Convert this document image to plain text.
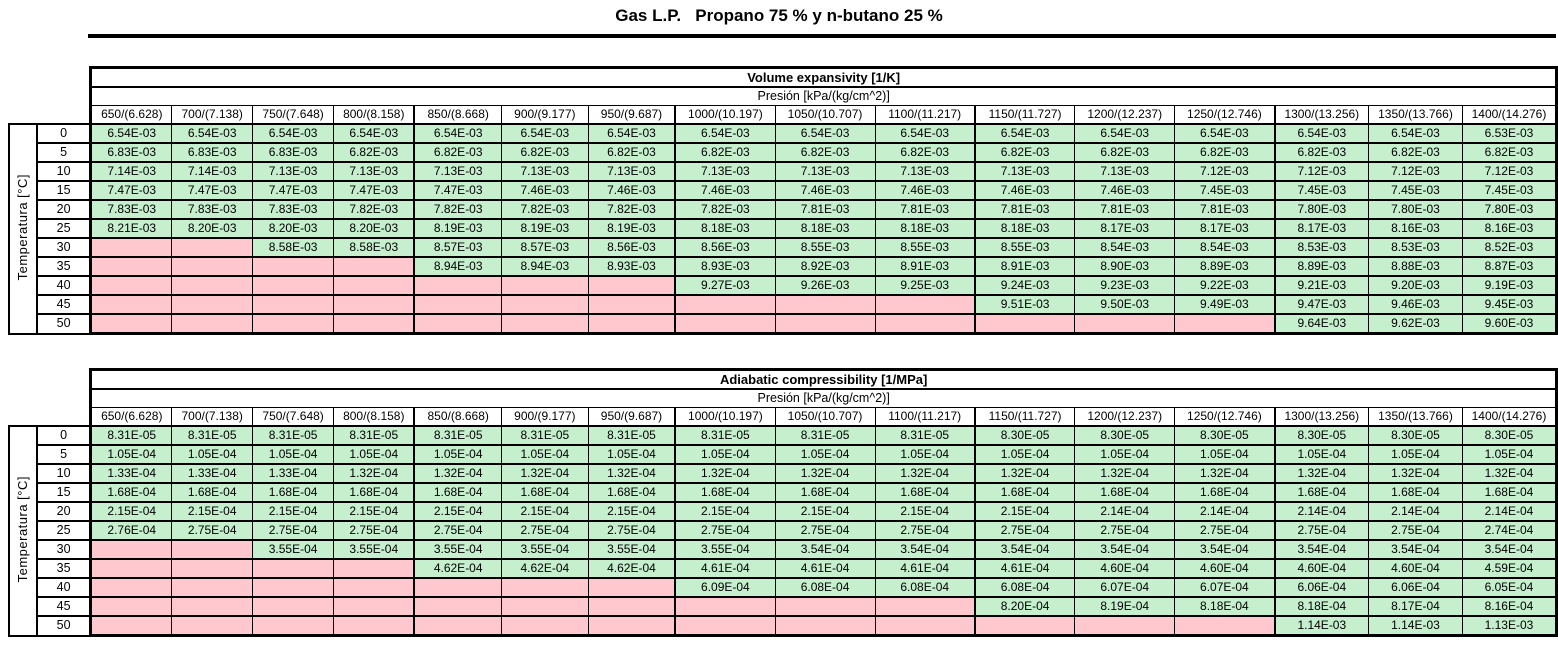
Gas L.P.   Propano 75 % y n-butano 25 %
		Volume expansivity [1/K]															
		Presión [kPa/(kg/cm^2)]															
		650/(6.628)	700/(7.138)	750/(7.648)	800/(8.158)	850/(8.668)	900/(9.177)	950/(9.687)	1000/(10.197)	1050/(10.707)	1100/(11.217)	1150/(11.727)	1200/(12.237)	1250/(12.746)	1300/(13.256)	1350/(13.766)	1400/(14.276)
Temperatura [°C]	0	6.54E-03	6.54E-03	6.54E-03	6.54E-03	6.54E-03	6.54E-03	6.54E-03	6.54E-03	6.54E-03	6.54E-03	6.54E-03	6.54E-03	6.54E-03	6.54E-03	6.54E-03	6.53E-03
	5	6.83E-03	6.83E-03	6.83E-03	6.82E-03	6.82E-03	6.82E-03	6.82E-03	6.82E-03	6.82E-03	6.82E-03	6.82E-03	6.82E-03	6.82E-03	6.82E-03	6.82E-03	6.82E-03
	10	7.14E-03	7.14E-03	7.13E-03	7.13E-03	7.13E-03	7.13E-03	7.13E-03	7.13E-03	7.13E-03	7.13E-03	7.13E-03	7.13E-03	7.12E-03	7.12E-03	7.12E-03	7.12E-03
	15	7.47E-03	7.47E-03	7.47E-03	7.47E-03	7.47E-03	7.46E-03	7.46E-03	7.46E-03	7.46E-03	7.46E-03	7.46E-03	7.46E-03	7.45E-03	7.45E-03	7.45E-03	7.45E-03
	20	7.83E-03	7.83E-03	7.83E-03	7.82E-03	7.82E-03	7.82E-03	7.82E-03	7.82E-03	7.81E-03	7.81E-03	7.81E-03	7.81E-03	7.81E-03	7.80E-03	7.80E-03	7.80E-03
	25	8.21E-03	8.20E-03	8.20E-03	8.20E-03	8.19E-03	8.19E-03	8.19E-03	8.18E-03	8.18E-03	8.18E-03	8.18E-03	8.17E-03	8.17E-03	8.17E-03	8.16E-03	8.16E-03
	30			8.58E-03	8.58E-03	8.57E-03	8.57E-03	8.56E-03	8.56E-03	8.55E-03	8.55E-03	8.55E-03	8.54E-03	8.54E-03	8.53E-03	8.53E-03	8.52E-03
	35					8.94E-03	8.94E-03	8.93E-03	8.93E-03	8.92E-03	8.91E-03	8.91E-03	8.90E-03	8.89E-03	8.89E-03	8.88E-03	8.87E-03
	40								9.27E-03	9.26E-03	9.25E-03	9.24E-03	9.23E-03	9.22E-03	9.21E-03	9.20E-03	9.19E-03
	45											9.51E-03	9.50E-03	9.49E-03	9.47E-03	9.46E-03	9.45E-03
	50														9.64E-03	9.62E-03	9.60E-03
		Adiabatic compressibility [1/MPa]															
		Presión [kPa/(kg/cm^2)]															
		650/(6.628)	700/(7.138)	750/(7.648)	800/(8.158)	850/(8.668)	900/(9.177)	950/(9.687)	1000/(10.197)	1050/(10.707)	1100/(11.217)	1150/(11.727)	1200/(12.237)	1250/(12.746)	1300/(13.256)	1350/(13.766)	1400/(14.276)
Temperatura [°C]	0	8.31E-05	8.31E-05	8.31E-05	8.31E-05	8.31E-05	8.31E-05	8.31E-05	8.31E-05	8.31E-05	8.31E-05	8.30E-05	8.30E-05	8.30E-05	8.30E-05	8.30E-05	8.30E-05
	5	1.05E-04	1.05E-04	1.05E-04	1.05E-04	1.05E-04	1.05E-04	1.05E-04	1.05E-04	1.05E-04	1.05E-04	1.05E-04	1.05E-04	1.05E-04	1.05E-04	1.05E-04	1.05E-04
	10	1.33E-04	1.33E-04	1.33E-04	1.32E-04	1.32E-04	1.32E-04	1.32E-04	1.32E-04	1.32E-04	1.32E-04	1.32E-04	1.32E-04	1.32E-04	1.32E-04	1.32E-04	1.32E-04
	15	1.68E-04	1.68E-04	1.68E-04	1.68E-04	1.68E-04	1.68E-04	1.68E-04	1.68E-04	1.68E-04	1.68E-04	1.68E-04	1.68E-04	1.68E-04	1.68E-04	1.68E-04	1.68E-04
	20	2.15E-04	2.15E-04	2.15E-04	2.15E-04	2.15E-04	2.15E-04	2.15E-04	2.15E-04	2.15E-04	2.15E-04	2.15E-04	2.14E-04	2.14E-04	2.14E-04	2.14E-04	2.14E-04
	25	2.76E-04	2.75E-04	2.75E-04	2.75E-04	2.75E-04	2.75E-04	2.75E-04	2.75E-04	2.75E-04	2.75E-04	2.75E-04	2.75E-04	2.75E-04	2.75E-04	2.75E-04	2.74E-04
	30			3.55E-04	3.55E-04	3.55E-04	3.55E-04	3.55E-04	3.55E-04	3.54E-04	3.54E-04	3.54E-04	3.54E-04	3.54E-04	3.54E-04	3.54E-04	3.54E-04
	35					4.62E-04	4.62E-04	4.62E-04	4.61E-04	4.61E-04	4.61E-04	4.61E-04	4.60E-04	4.60E-04	4.60E-04	4.60E-04	4.59E-04
	40								6.09E-04	6.08E-04	6.08E-04	6.08E-04	6.07E-04	6.07E-04	6.06E-04	6.06E-04	6.05E-04
	45											8.20E-04	8.19E-04	8.18E-04	8.18E-04	8.17E-04	8.16E-04
	50														1.14E-03	1.14E-03	1.13E-03
